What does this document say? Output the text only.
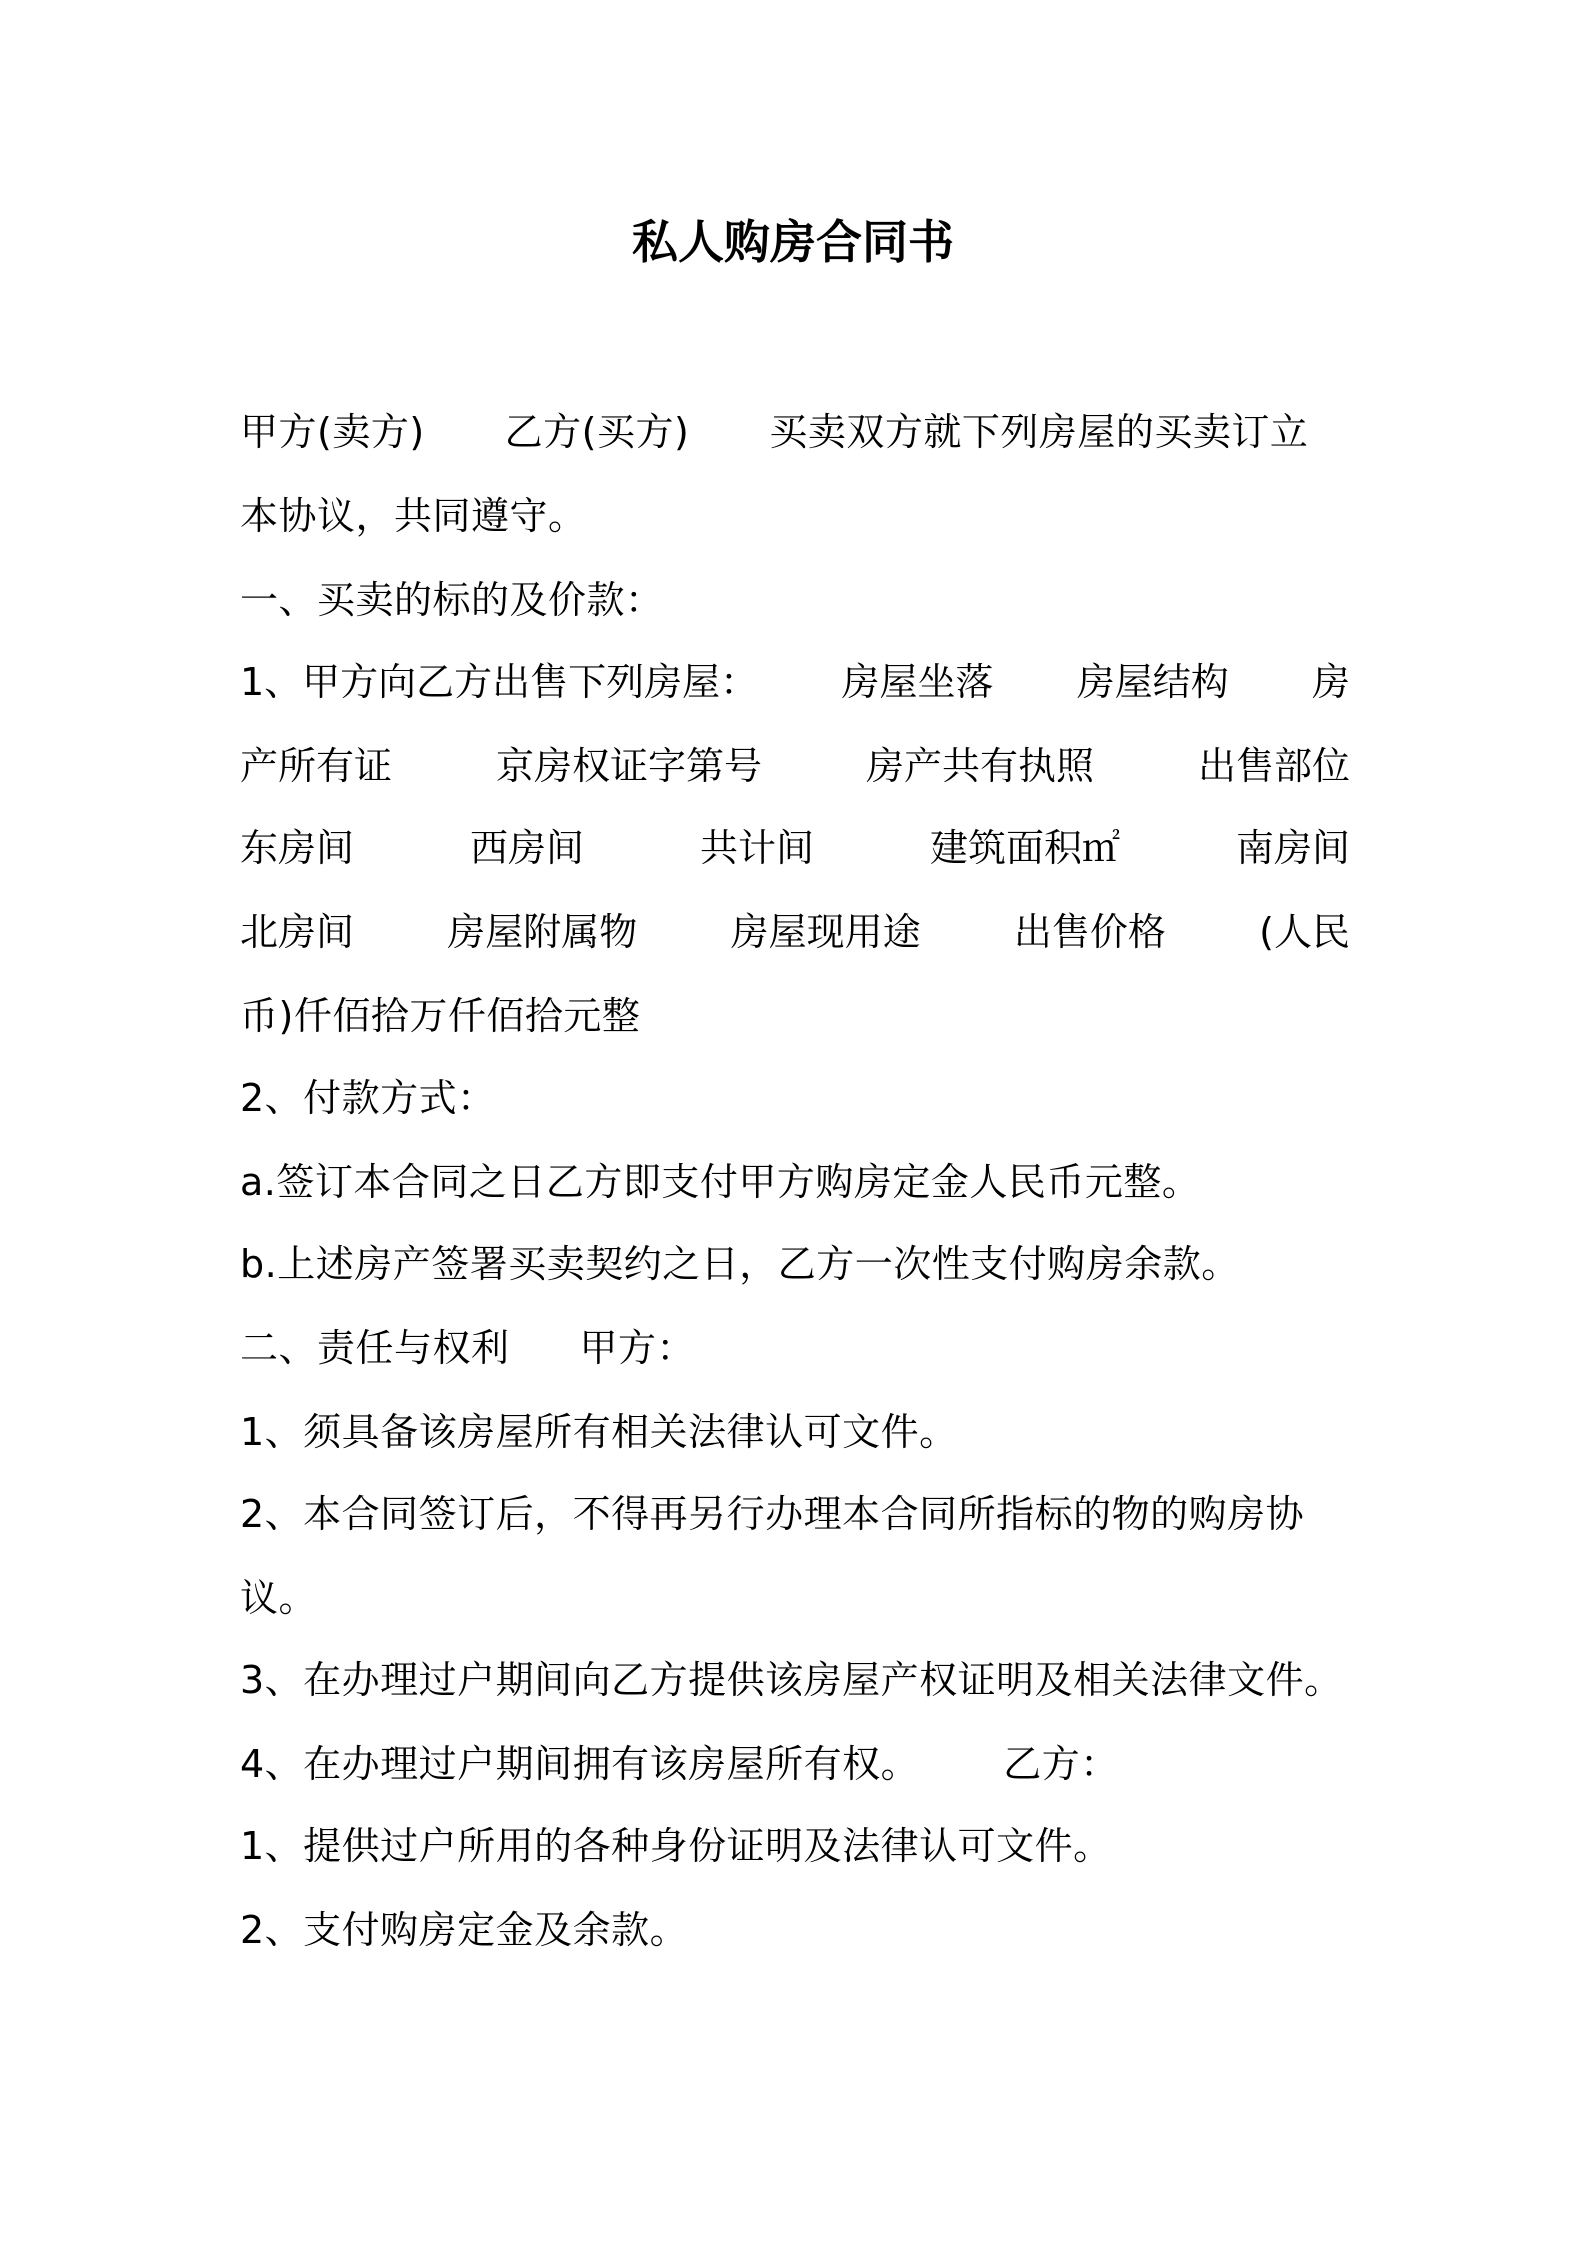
私人购房合同书
甲方(卖方) 乙方(买方) 买卖双方就下列房屋的买卖订立
本协议，共同遵守。
一、买卖的标的及价款：
1、甲方向乙方出售下列房屋： 房屋坐落 房屋结构 房
产所有证	京房权证字第号	房产共有执照	出售部位
东房间	西房间	共计间	建筑面积㎡	南房间
北房间 房屋附属物 房屋现用途 出售价格 (人民
币)仟佰拾万仟佰拾元整
2、付款方式：
a.签订本合同之日乙方即支付甲方购房定金人民币元整。
b.上述房产签署买卖契约之日，乙方一次性支付购房余款。
二、责任与权利 甲方：
1、须具备该房屋所有相关法律认可文件。
2、本合同签订后，不得再另行办理本合同所指标的物的购房协
议。
3、在办理过户期间向乙方提供该房屋产权证明及相关法律文件。
4、在办理过户期间拥有该房屋所有权。 乙方：
1、提供过户所用的各种身份证明及法律认可文件。
2、支付购房定金及余款。
